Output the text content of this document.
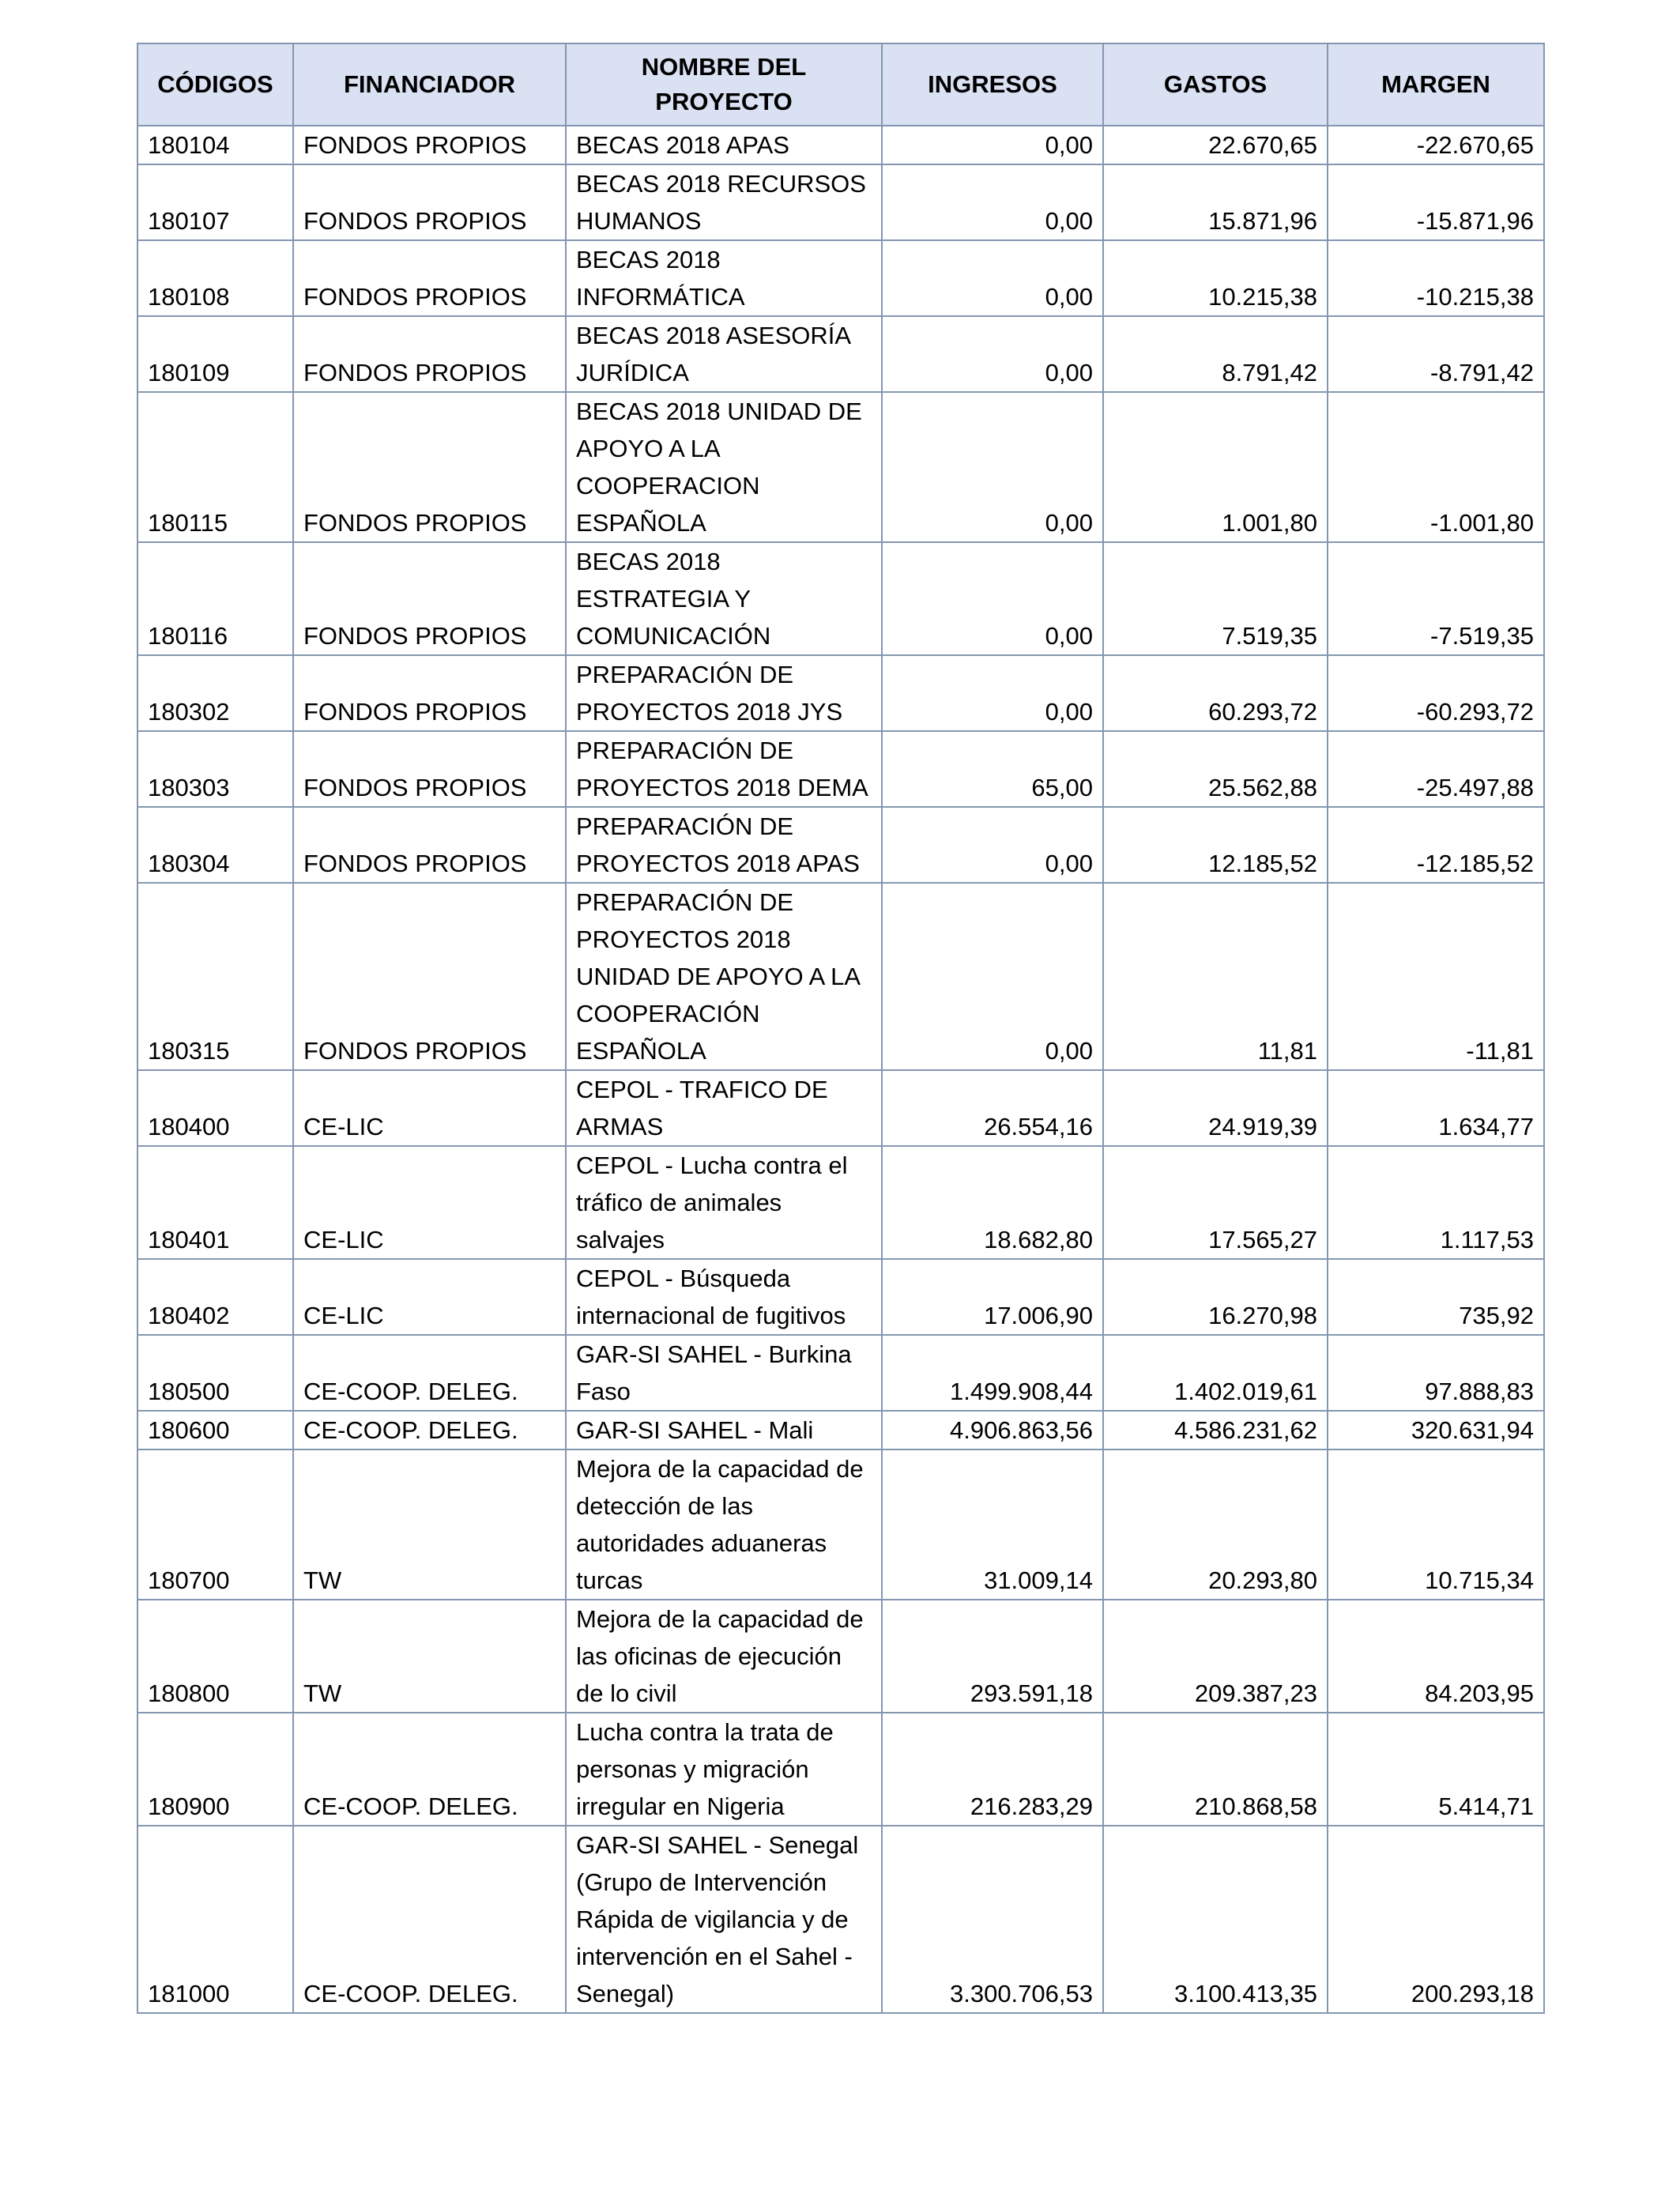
CÓDIGOS	FINANCIADOR	NOMBRE DEL PROYECTO	INGRESOS	GASTOS	MARGEN
180104	FONDOS PROPIOS	BECAS 2018 APAS	0,00	22.670,65	-22.670,65
180107	FONDOS PROPIOS	BECAS 2018 RECURSOS HUMANOS	0,00	15.871,96	-15.871,96
180108	FONDOS PROPIOS	BECAS 2018 INFORMÁTICA	0,00	10.215,38	-10.215,38
180109	FONDOS PROPIOS	BECAS 2018 ASESORÍA JURÍDICA	0,00	8.791,42	-8.791,42
180115	FONDOS PROPIOS	BECAS 2018 UNIDAD DE APOYO A LA COOPERACION ESPAÑOLA	0,00	1.001,80	-1.001,80
180116	FONDOS PROPIOS	BECAS 2018 ESTRATEGIA Y COMUNICACIÓN	0,00	7.519,35	-7.519,35
180302	FONDOS PROPIOS	PREPARACIÓN DE PROYECTOS 2018 JYS	0,00	60.293,72	-60.293,72
180303	FONDOS PROPIOS	PREPARACIÓN DE PROYECTOS 2018 DEMA	65,00	25.562,88	-25.497,88
180304	FONDOS PROPIOS	PREPARACIÓN DE PROYECTOS 2018 APAS	0,00	12.185,52	-12.185,52
180315	FONDOS PROPIOS	PREPARACIÓN DE PROYECTOS 2018 UNIDAD DE APOYO A LA COOPERACIÓN ESPAÑOLA	0,00	11,81	-11,81
180400	CE-LIC	CEPOL - TRAFICO DE ARMAS	26.554,16	24.919,39	1.634,77
180401	CE-LIC	CEPOL - Lucha contra el tráfico de animales salvajes	18.682,80	17.565,27	1.117,53
180402	CE-LIC	CEPOL - Búsqueda internacional de fugitivos	17.006,90	16.270,98	735,92
180500	CE-COOP. DELEG.	GAR-SI SAHEL - Burkina Faso	1.499.908,44	1.402.019,61	97.888,83
180600	CE-COOP. DELEG.	GAR-SI SAHEL - Mali	4.906.863,56	4.586.231,62	320.631,94
180700	TW	Mejora de la capacidad de detección de las autoridades aduaneras turcas	31.009,14	20.293,80	10.715,34
180800	TW	Mejora de la capacidad de las oficinas de ejecución de lo civil	293.591,18	209.387,23	84.203,95
180900	CE-COOP. DELEG.	Lucha contra la trata de personas y migración irregular en Nigeria	216.283,29	210.868,58	5.414,71
181000	CE-COOP. DELEG.	GAR-SI SAHEL - Senegal (Grupo de Intervención Rápida de vigilancia y de intervención en el Sahel - Senegal)	3.300.706,53	3.100.413,35	200.293,18
